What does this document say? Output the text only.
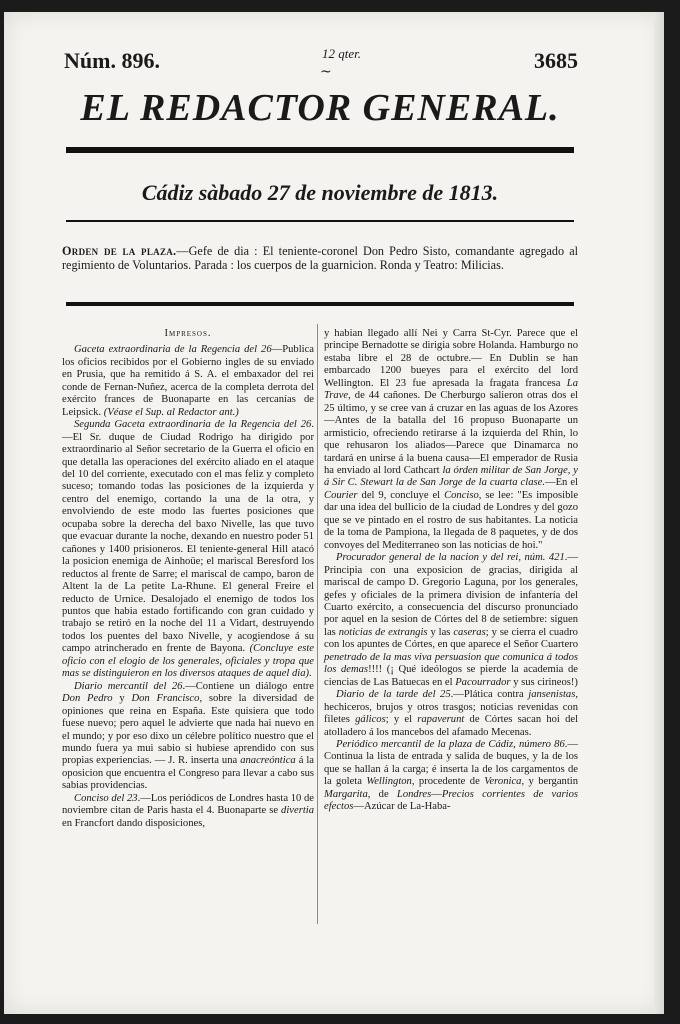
Núm. 896.	12 qter.
~	3685
EL REDACTOR GENERAL.
Cádiz sàbado 27 de noviembre de 1813.
Orden de la plaza.—Gefe de dia : El teniente-coronel Don Pedro Sisto, comandante agregado al regimiento de Voluntarios. Parada : los cuerpos de la guarnicion. Ronda y Teatro: Milicias.
Impresos.

Gaceta extraordinaria de la Regencia del 26—Publica los oficios recibidos por el Gobierno ingles de su enviado en Prusia, que ha remitido á S. A. el embaxador del rei conde de Fernan-Nuñez, acerca de la completa derrota del exército frances de Buonaparte en las cercanías de Leipsick. (Véase el Sup. al Redactor ant.)

Segunda Gaceta extraordinaria de la Regencia del 26.—El Sr. duque de Ciudad Rodrigo ha dirigido por extraordinario al Señor secretario de la Guerra el oficio en que detalla las operaciones del exército aliado en el ataque del 10 del corriente, executado con el mas feliz y completo suceso; tomando todas las posiciones de la izquierda y centro del enemigo, cortando la una de la otra, y envolviendo de este modo las fuertes posiciones que ocupaba sobre la derecha del baxo Nivelle, las que tuvo que evacuar durante la noche, dexando en nuestro poder 51 cañones y 1400 prisioneros. El teniente-general Hill atacó la posicion enemiga de Ainhoüe; el mariscal Beresford los reductos al frente de Sarre; el mariscal de campo, baron de Altent la de La petite La-Rhune. El general Freire el reducto de Urnice. Desalojado el enemigo de todos los puntos que habia estado fortificando con gran cuidado y trabajo se retiró en la noche del 11 a Vidart, destruyendo todos los puentes del baxo Nivelle, y acogiendose á su campo atrincherado en frente de Bayona. (Concluye este oficio con el elogio de los generales, oficiales y tropa que mas se distinguieron en los diversos ataques de aquel dia).

Diario mercantil del 26.—Contiene un diálogo entre Don Pedro y Don Francisco, sobre la diversidad de opiniones que reina en España. Este quisiera que todo fuese nuevo; pero aquel le advierte que nada hai nuevo en el mundo; y por eso dixo un célebre político nuestro que el mundo fuera ya mui sabio si hubiese aprendido con sus propias experiencias. — J. R. inserta una anacreóntica á la oposicion que encuentra el Congreso para llevar a cabo sus sabias providencias.

Conciso del 23.—Los periódicos de Londres hasta 10 de noviembre citan de Paris hasta el 4. Buonaparte se divertia en Francfort dando disposiciones,

y habian llegado allí Nei y Carra St-Cyr. Parece que el principe Bernadotte se dirigia sobre Holanda. Hamburgo no estaba libre el 28 de octubre.— En Dublin se han embarcado 1200 bueyes para el exército del lord Wellington. El 23 fue apresada la fragata francesa La Trave, de 44 cañones. De Cherburgo salieron otras dos el 25 último, y se cree van á cruzar en las aguas de los Azores—Antes de la batalla del 16 propuso Buonaparte un armisticio, ofreciendo retirarse á la izquierda del Rhin, lo que rehusaron los aliados—Parece que Dinamarca no tardará en unirse á la buena causa—El emperador de Rusia ha enviado al lord Cathcart la órden militar de San Jorge, y á Sir C. Stewart la de San Jorge de la cuarta clase.—En el Courier del 9, concluye el Conciso, se lee: "Es imposible dar una idea del bullicio de la ciudad de Londres y del gozo que se ve pintado en el rostro de sus habitantes. La noticia de la toma de Pampiona, la llegada de 8 paquetes, y de dos convoyes del Mediterraneo son las noticias de hoi."

Procurador general de la nacion y del rei, núm. 421.—Principia con una exposicion de gracias, dirigida al mariscal de campo D. Gregorio Laguna, por los generales, gefes y oficiales de la primera division de infantería del Cuarto exército, a consecuencia del discurso pronunciado por aquel en la sesion de Córtes del 8 de setiembre: siguen las noticias de extrangis y las caseras; y se cierra el cuadro con los apuntes de Córtes, en que aparece el Señor Cuartero penetrado de la mas viva persuasion que comunica á todos los demas!!!! (¡ Qué ideólogos se pierde la academia de ciencias de Las Batuecas en el Pacourrador y sus cirineos!)

Diario de la tarde del 25.—Plática contra jansenistas, hechiceros, brujos y otros trasgos; noticias revenidas con filetes gálicos; y el rapaverunt de Córtes sacan hoi del atolladero á los mancebos del afamado Mecenas.

Periódico mercantil de la plaza de Cádiz, número 86.—Continua la lista de entrada y salida de buques, y la de los que se hallan á la carga; é inserta la de los cargamentos de la goleta Wellington, procedente de Veronica, y bergantin Margarita, de Londres—Precios corrientes de varios efectos—Azúcar de La-Haba-
